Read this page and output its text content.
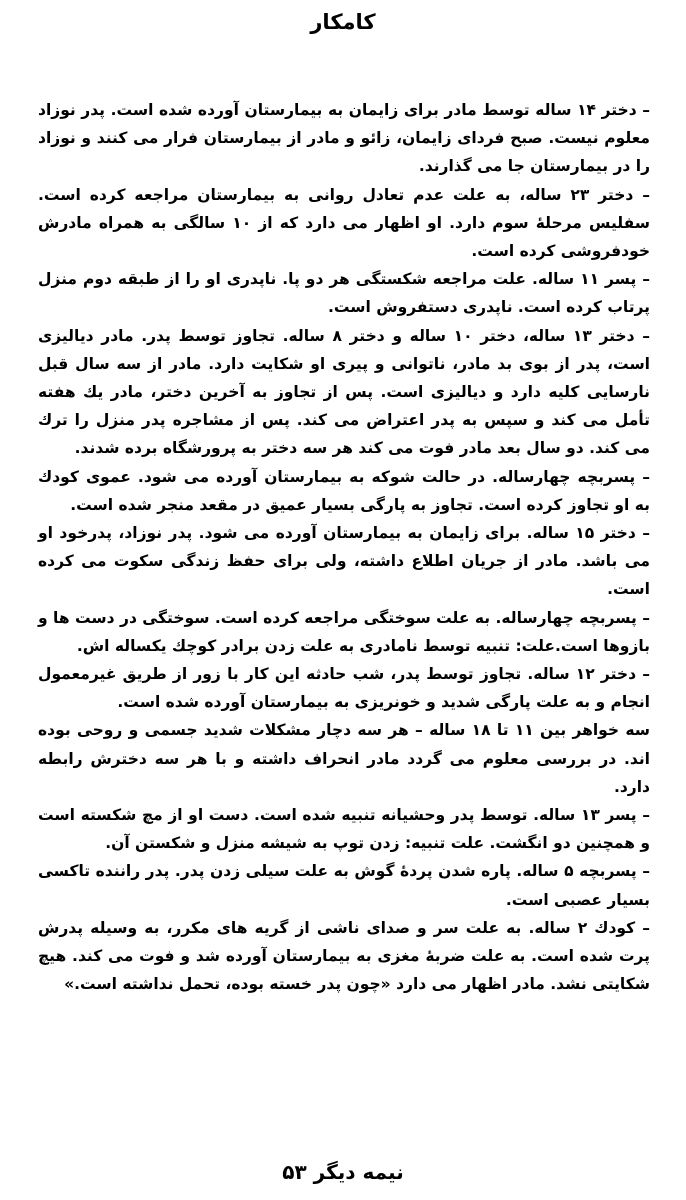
کامکار

– دختر ۱۴ ساله توسط مادر برای زایمان به بیمارستان آورده شده است. پدر نوزاد معلوم نیست. صبح فردای زایمان، زائو و مادر از بیمارستان فرار می کنند و نوزاد را در بیمارستان جا می گذارند.

– دختر ۲۳ ساله، به علت عدم تعادل روانی به بیمارستان مراجعه کرده است. سفلیس مرحلهٔ سوم دارد. او اظهار می دارد که از ۱۰ سالگی به همراه مادرش خودفروشی کرده است.

– پسر ۱۱ ساله. علت مراجعه شکستگی هر دو پا. ناپدری او را از طبقه دوم منزل پرتاب کرده است. ناپدری دستفروش است.

– دختر ۱۳ ساله، دختر ۱۰ ساله و دختر ۸ ساله. تجاوز توسط پدر. مادر دیالیزی است، پدر از بوی بد مادر، ناتوانی و پیری او شکایت دارد. مادر از سه سال قبل نارسایی کلیه دارد و دیالیزی است. پس از تجاوز به آخرین دختر، مادر یك هفته تأمل می کند و سپس به پدر اعتراض می کند. پس از مشاجره پدر منزل را ترك می کند. دو سال بعد مادر فوت می کند هر سه دختر به پرورشگاه برده شدند.

– پسربچه چهارساله. در حالت شوکه به بیمارستان آورده می شود. عموی کودك به او تجاوز کرده است. تجاوز به پارگی بسیار عمیق در مقعد منجر شده است.

– دختر ۱۵ ساله. برای زایمان به بیمارستان آورده می شود. پدر نوزاد، پدرخود او می باشد. مادر از جریان اطلاع داشته، ولی برای حفظ زندگی سکوت می کرده است.

– پسربچه چهارساله. به علت سوختگی مراجعه کرده است. سوختگی در دست ها و بازوها است.علت: تنبیه توسط نامادری به علت زدن برادر کوچك یکساله اش.

– دختر ۱۲ ساله. تجاوز توسط پدر، شب حادثه این کار با زور از طریق غیرمعمول انجام و به علت پارگی شدید و خونریزی به بیمارستان آورده شده است.

سه خواهر بین ۱۱ تا ۱۸ ساله – هر سه دچار مشکلات شدید جسمی و روحی بوده اند. در بررسی معلوم می گردد مادر انحراف داشته و با هر سه دخترش رابطه دارد.

– پسر ۱۳ ساله. توسط پدر وحشیانه تنبیه شده است. دست او از مچ شکسته است و همچنین دو انگشت. علت تنبیه: زدن توپ به شیشه منزل و شکستن آن.

– پسربچه ۵ ساله. پاره شدن پردهٔ گوش به علت سیلی زدن پدر. پدر راننده تاکسی بسیار عصبی است.

– کودك ۲ ساله. به علت سر و صدای ناشی از گریه های مکرر، به وسیله پدرش پرت شده است. به علت ضربهٔ مغزی به بیمارستان آورده شد و فوت می کند. هیچ شکایتی نشد. مادر اظهار می دارد «چون پدر خسته بوده، تحمل نداشته است.»

نیمه دیگر ۵۳
